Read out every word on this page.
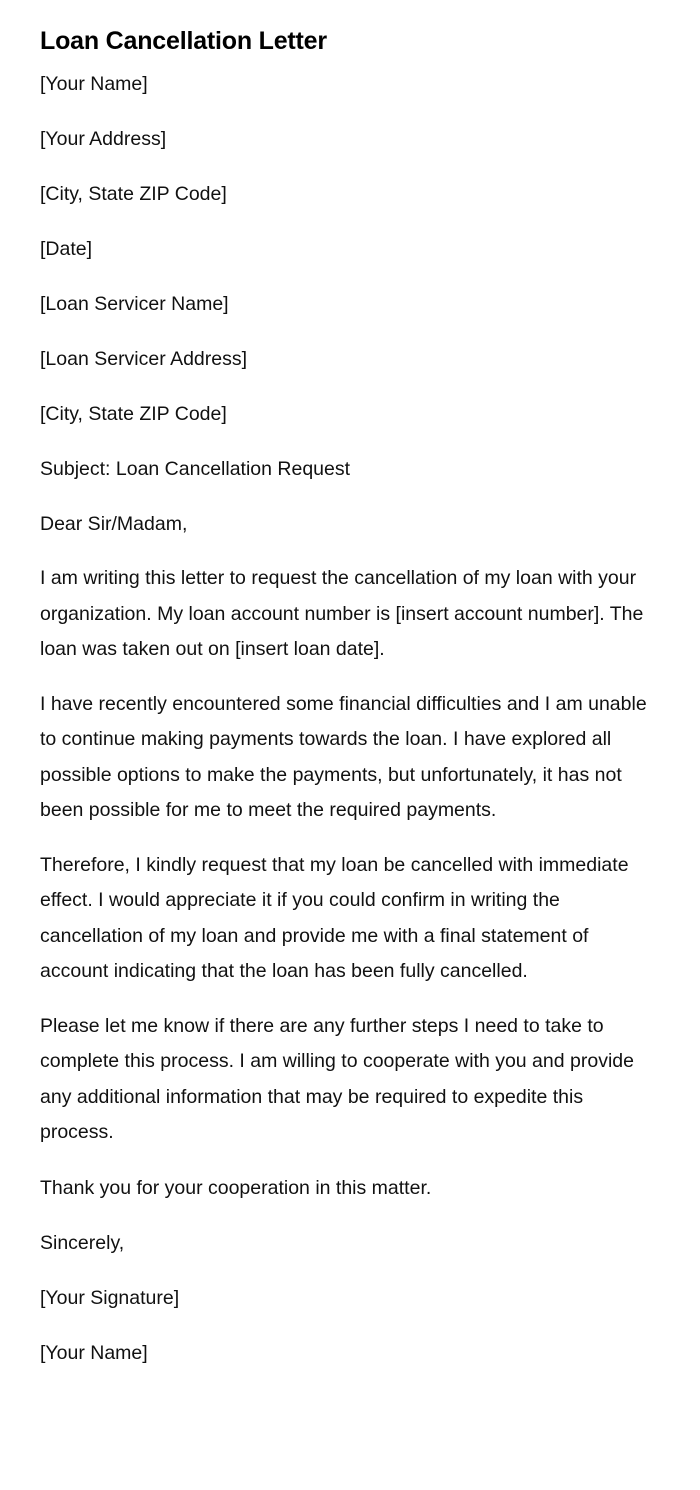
Loan Cancellation Letter

[Your Name]

[Your Address]

[City, State ZIP Code]

[Date]

[Loan Servicer Name]

[Loan Servicer Address]

[City, State ZIP Code]

Subject: Loan Cancellation Request

Dear Sir/Madam,

I am writing this letter to request the cancellation of my loan with your organization. My loan account number is [insert account number]. The loan was taken out on [insert loan date].

I have recently encountered some financial difficulties and I am unable to continue making payments towards the loan. I have explored all possible options to make the payments, but unfortunately, it has not been possible for me to meet the required payments.

Therefore, I kindly request that my loan be cancelled with immediate effect. I would appreciate it if you could confirm in writing the cancellation of my loan and provide me with a final statement of account indicating that the loan has been fully cancelled.

Please let me know if there are any further steps I need to take to complete this process. I am willing to cooperate with you and provide any additional information that may be required to expedite this process.

Thank you for your cooperation in this matter.

Sincerely,

[Your Signature]

[Your Name]
